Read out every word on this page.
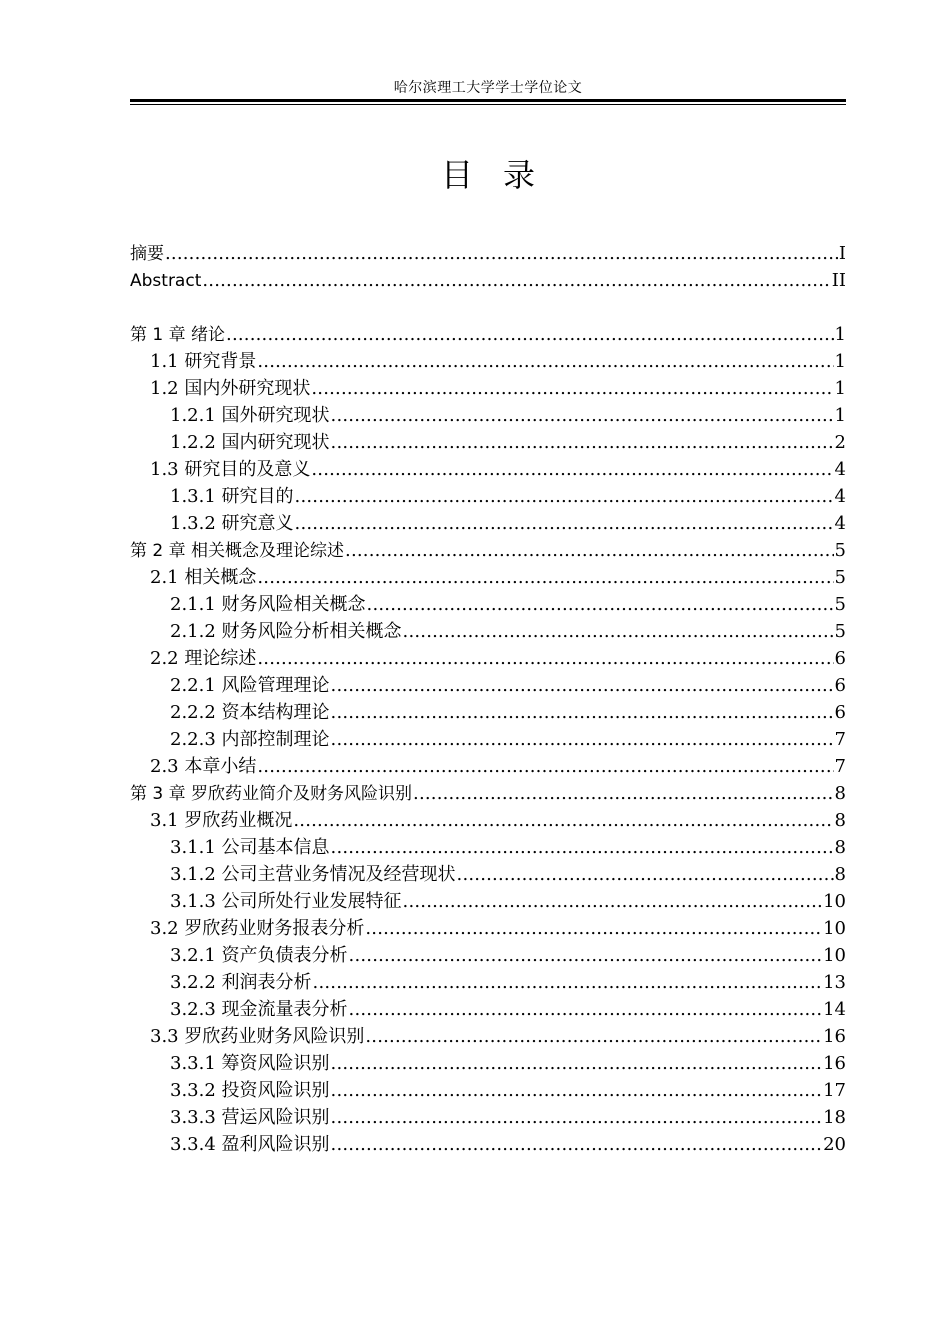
哈尔滨理工大学学士学位论文
目录
摘要 .....	I
Abstract .....	II
第 1 章 绪论 .....	1
1.1 研究背景 .....	1
1.2 国内外研究现状 .....	1
1.2.1 国外研究现状 .....	1
1.2.2 国内研究现状 .....	2
1.3 研究目的及意义 .....	4
1.3.1 研究目的 .....	4
1.3.2 研究意义 .....	4
第 2 章 相关概念及理论综述 .....	5
2.1 相关概念 .....	5
2.1.1 财务风险相关概念 .....	5
2.1.2 财务风险分析相关概念 .....	5
2.2 理论综述 .....	6
2.2.1 风险管理理论 .....	6
2.2.2 资本结构理论 .....	6
2.2.3 内部控制理论 .....	7
2.3 本章小结 .....	7
第 3 章 罗欣药业简介及财务风险识别 .....	8
3.1 罗欣药业概况 .....	8
3.1.1 公司基本信息 .....	8
3.1.2 公司主营业务情况及经营现状 .....	8
3.1.3 公司所处行业发展特征 .....	10
3.2 罗欣药业财务报表分析 .....	10
3.2.1 资产负债表分析 .....	10
3.2.2 利润表分析 .....	13
3.2.3 现金流量表分析 .....	14
3.3 罗欣药业财务风险识别 .....	16
3.3.1 筹资风险识别 .....	16
3.3.2 投资风险识别 .....	17
3.3.3 营运风险识别 .....	18
3.3.4 盈利风险识别 .....	20
